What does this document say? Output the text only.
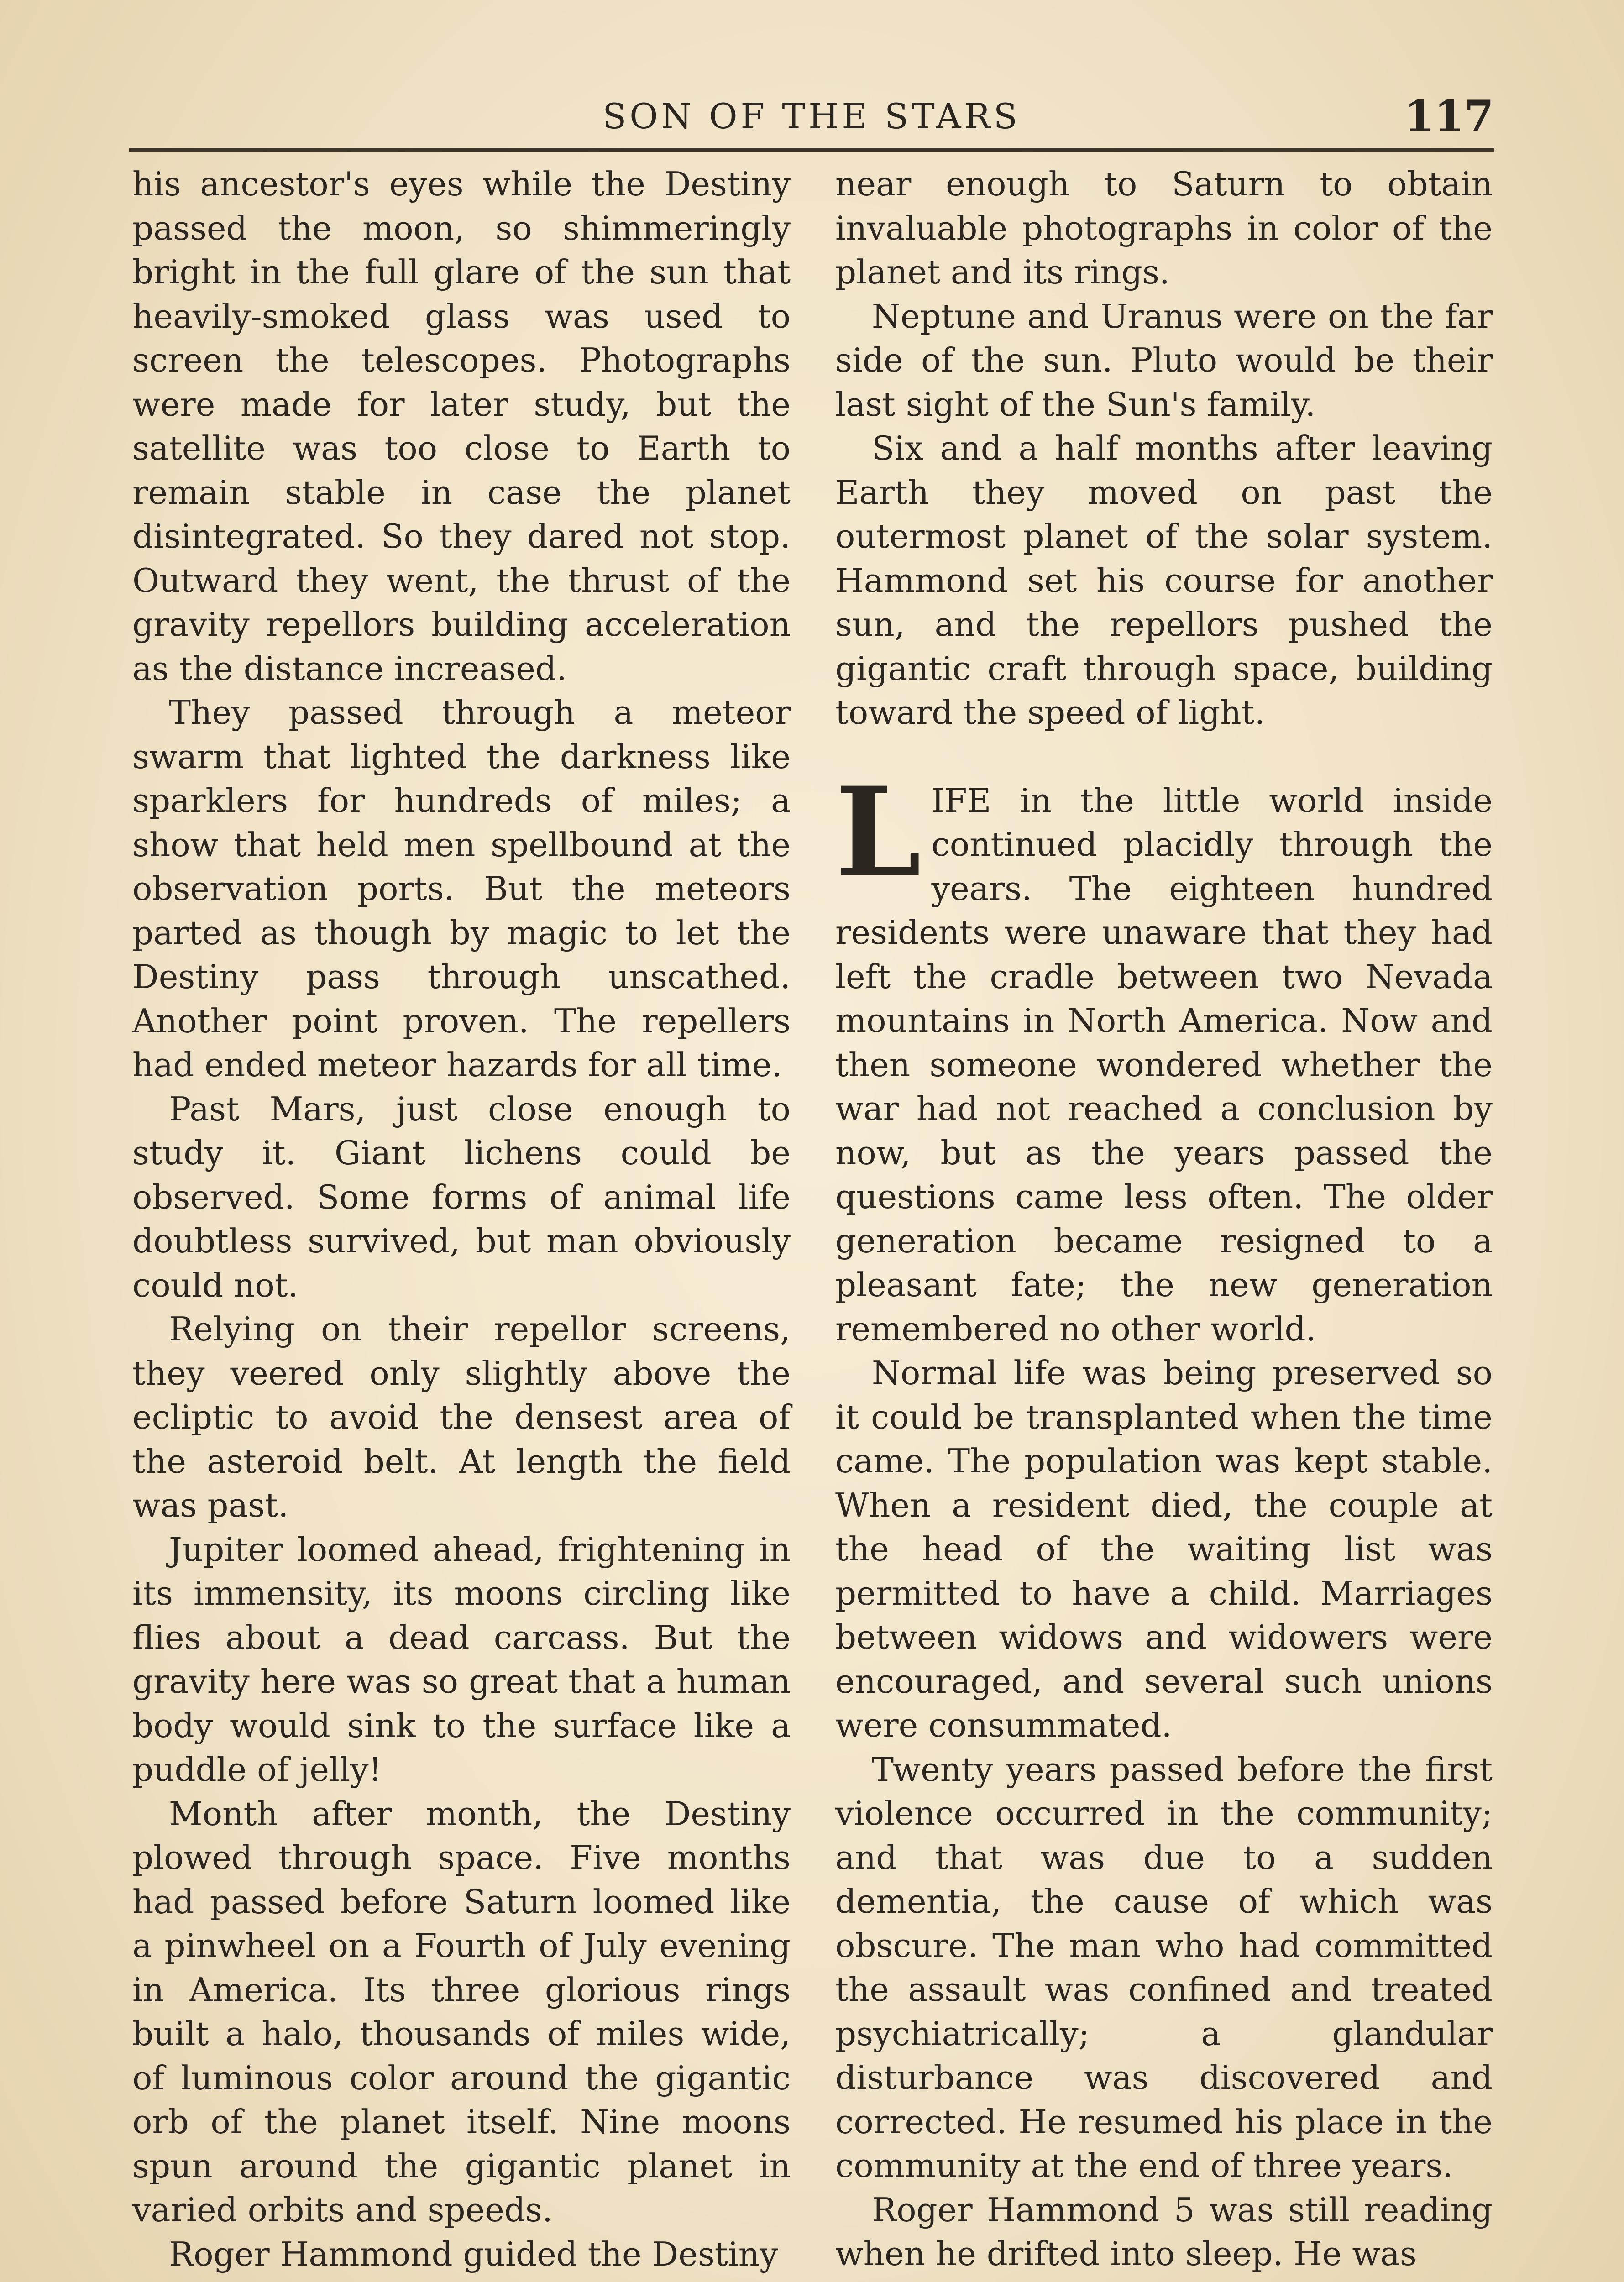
SON OF THE STARS	117

his ancestor's eyes while the Destiny passed the moon, so shimmeringly bright in the full glare of the sun that heavily-smoked glass was used to screen the telescopes. Photographs were made for later study, but the satellite was too close to Earth to remain stable in case the planet disintegrated. So they dared not stop. Outward they went, the thrust of the gravity repellors building acceleration as the distance increased.

They passed through a meteor swarm that lighted the darkness like sparklers for hundreds of miles; a show that held men spellbound at the observation ports. But the meteors parted as though by magic to let the Destiny pass through unscathed. Another point proven. The repellers had ended meteor hazards for all time.

Past Mars, just close enough to study it. Giant lichens could be observed. Some forms of animal life doubtless survived, but man obviously could not.

Relying on their repellor screens, they veered only slightly above the ecliptic to avoid the densest area of the asteroid belt. At length the field was past.

Jupiter loomed ahead, frightening in its immensity, its moons circling like flies about a dead carcass. But the gravity here was so great that a human body would sink to the surface like a puddle of jelly!

Month after month, the Destiny plowed through space. Five months had passed before Saturn loomed like a pinwheel on a Fourth of July evening in America. Its three glorious rings built a halo, thousands of miles wide, of luminous color around the gigantic orb of the planet itself. Nine moons spun around the gigantic planet in varied orbits and speeds.

Roger Hammond guided the Destiny

near enough to Saturn to obtain invaluable photographs in color of the planet and its rings.

Neptune and Uranus were on the far side of the sun. Pluto would be their last sight of the Sun's family.

Six and a half months after leaving Earth they moved on past the outermost planet of the solar system. Hammond set his course for another sun, and the repellors pushed the gigantic craft through space, building toward the speed of light.

LIFE in the little world inside continued placidly through the years. The eighteen hundred residents were unaware that they had left the cradle between two Nevada mountains in North America. Now and then someone wondered whether the war had not reached a conclusion by now, but as the years passed the questions came less often. The older generation became resigned to a pleasant fate; the new generation remembered no other world.

Normal life was being preserved so it could be transplanted when the time came. The population was kept stable. When a resident died, the couple at the head of the waiting list was permitted to have a child. Marriages between widows and widowers were encouraged, and several such unions were consummated.

Twenty years passed before the first violence occurred in the community; and that was due to a sudden dementia, the cause of which was obscure. The man who had committed the assault was confined and treated psychiatrically; a glandular disturbance was discovered and corrected. He resumed his place in the community at the end of three years.

Roger Hammond 5 was still reading when he drifted into sleep. He was
